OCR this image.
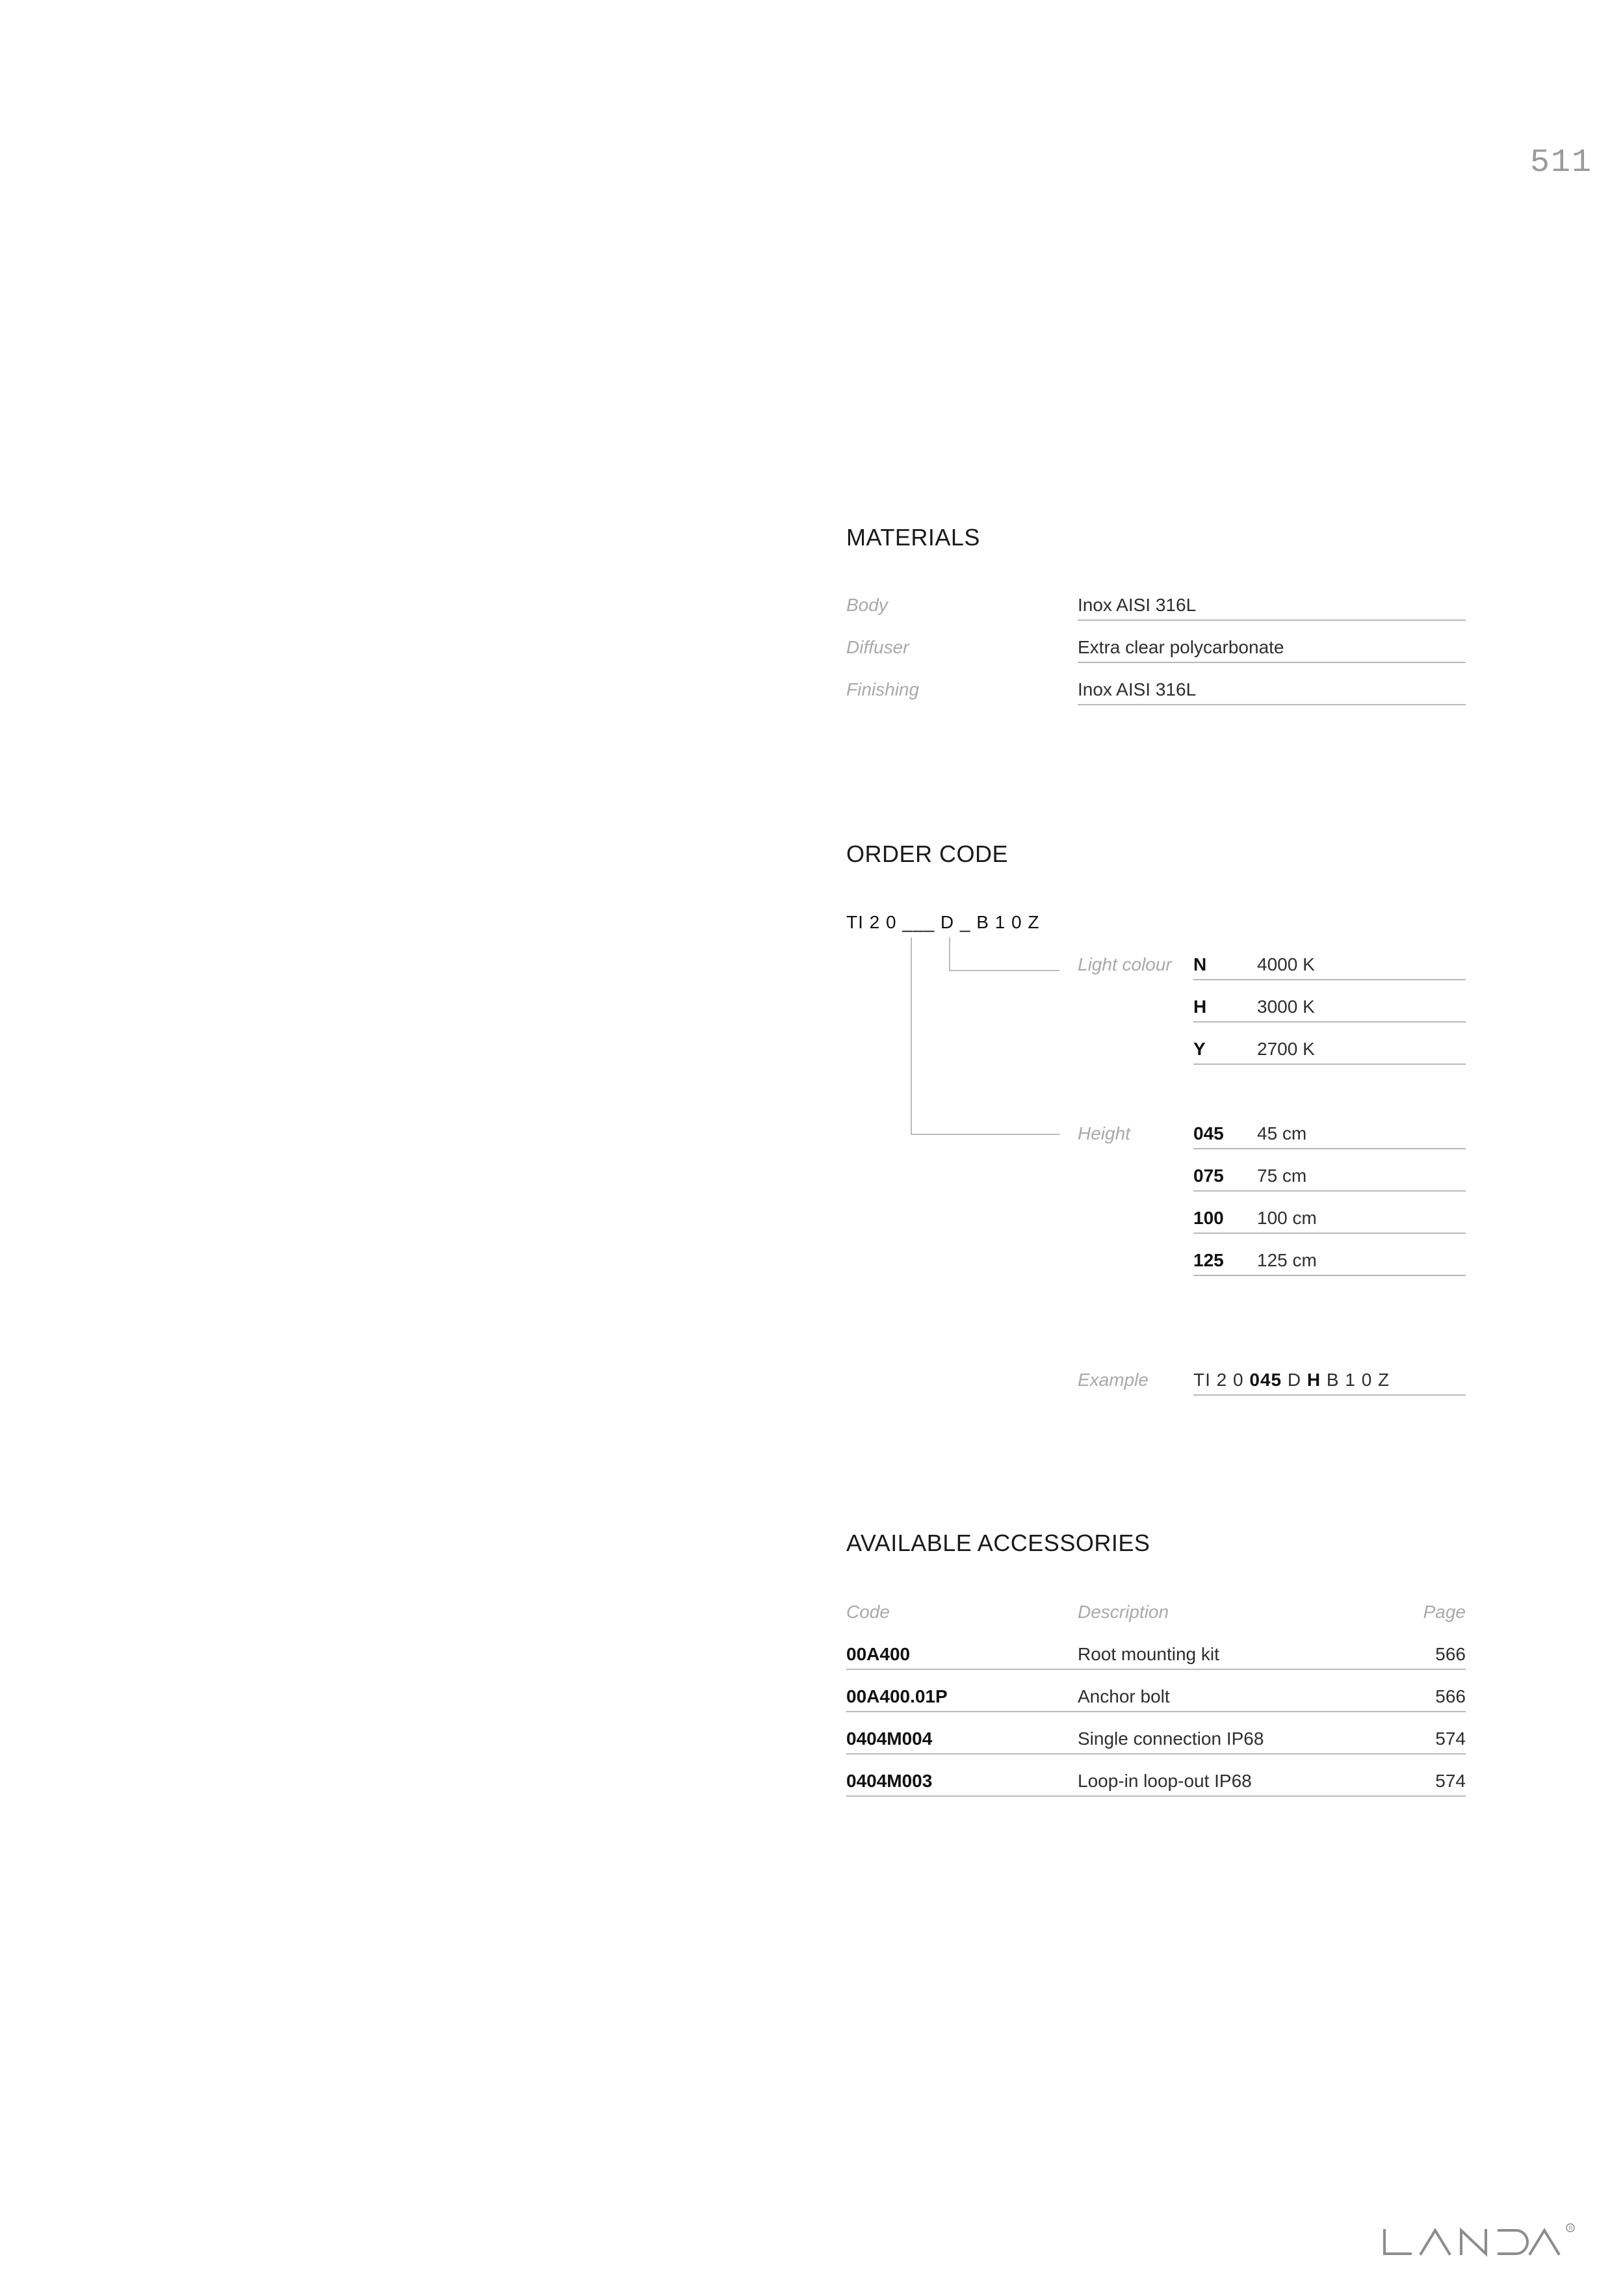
511
MATERIALS
Body	Inox AISI 316L
Diffuser	Extra clear polycarbonate
Finishing	Inox AISI 316L
ORDER CODE
TI 2 0 ___ D _ B 1 0 Z
Light colour N	4000 K
H	3000 K
Y	2700 K
Height	045 45 cm
075 75 cm
100 100 cm
125 125 cm
Example TI 2 0 045 D H B 1 0 Z
AVAILABLE ACCESSORIES
Code	Description	Page
00A400	Root mounting kit	566
00A400.01P	Anchor bolt	566
0404M004	Single connection IP68	574
0404M003	Loop-in loop-out IP68	574
R
